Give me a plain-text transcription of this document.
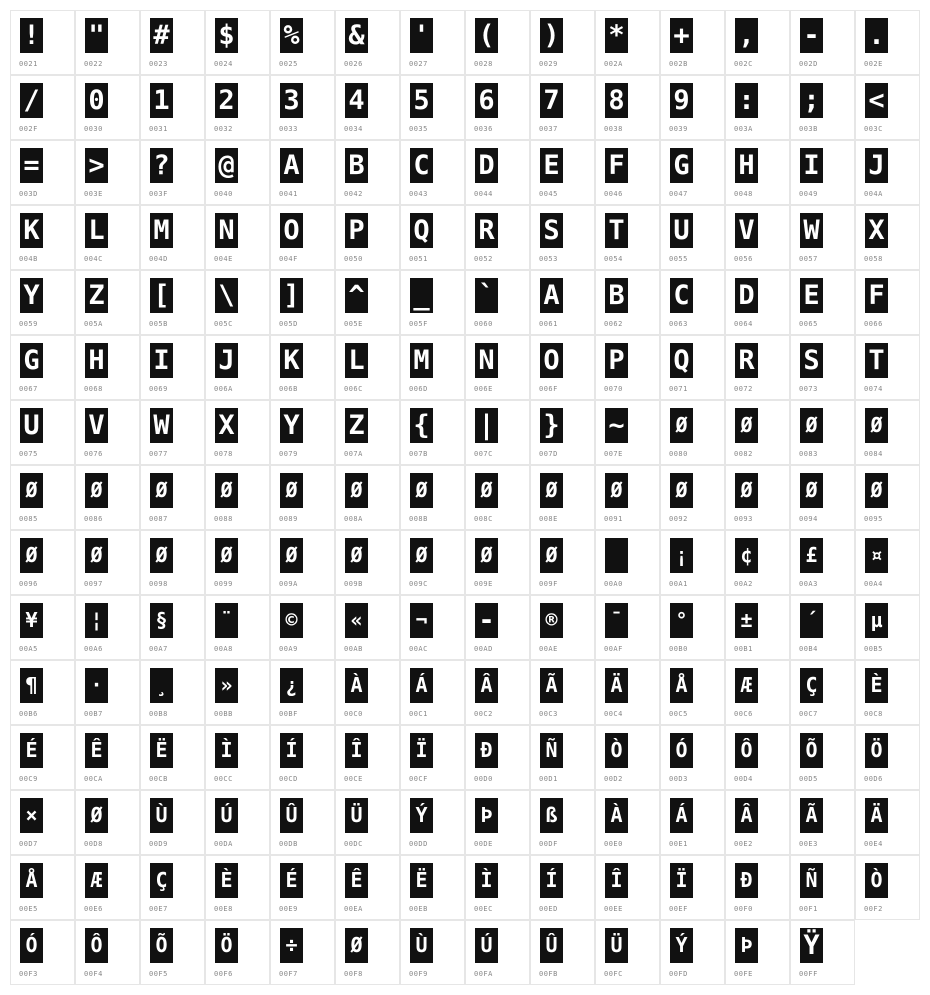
!
0021
"
0022
#
0023
$
0024
%
0025
&
0026
'
0027
(
0028
)
0029
*
002A
+
002B
,
002C
-
002D
.
002E
/
002F
0
0030
1
0031
2
0032
3
0033
4
0034
5
0035
6
0036
7
0037
8
0038
9
0039
:
003A
;
003B
<
003C
=
003D
>
003E
?
003F
@
0040
A
0041
B
0042
C
0043
D
0044
E
0045
F
0046
G
0047
H
0048
I
0049
J
004A
K
004B
L
004C
M
004D
N
004E
O
004F
P
0050
Q
0051
R
0052
S
0053
T
0054
U
0055
V
0056
W
0057
X
0058
Y
0059
Z
005A
[
005B
\
005C
]
005D
^
005E
_
005F
`
0060
A
0061
B
0062
C
0063
D
0064
E
0065
F
0066
G
0067
H
0068
I
0069
J
006A
K
006B
L
006C
M
006D
N
006E
O
006F
P
0070
Q
0071
R
0072
S
0073
T
0074
U
0075
V
0076
W
0077
X
0078
Y
0079
Z
007A
{
007B
|
007C
}
007D
~
007E
Ø
0080
Ø
0082
Ø
0083
Ø
0084
Ø
0085
Ø
0086
Ø
0087
Ø
0088
Ø
0089
Ø
008A
Ø
008B
Ø
008C
Ø
008E
Ø
0091
Ø
0092
Ø
0093
Ø
0094
Ø
0095
Ø
0096
Ø
0097
Ø
0098
Ø
0099
Ø
009A
Ø
009B
Ø
009C
Ø
009E
Ø
009F	00A0
¡
00A1
¢
00A2
£
00A3
¤
00A4
¥
00A5
¦
00A6
§
00A7
¨
00A8
©
00A9
«
00AB
¬
00AC
-
00AD
®
00AE
¯
00AF
°
00B0
±
00B1
´
00B4
µ
00B5
¶
00B6
·
00B7
¸
00B8
»
00BB
¿
00BF
À
00C0
Á
00C1
Â
00C2
Ã
00C3
Ä
00C4
Å
00C5
Æ
00C6
Ç
00C7
È
00C8
É
00C9
Ê
00CA
Ë
00CB
Ì
00CC
Í
00CD
Î
00CE
Ï
00CF
Ð
00D0
Ñ
00D1
Ò
00D2
Ó
00D3
Ô
00D4
Õ
00D5
Ö
00D6
×
00D7
Ø
00D8
Ù
00D9
Ú
00DA
Û
00DB
Ü
00DC
Ý
00DD
Þ
00DE
ß
00DF
À
00E0
Á
00E1
Â
00E2
Ã
00E3
Ä
00E4
Å
00E5
Æ
00E6
Ç
00E7
È
00E8
É
00E9
Ê
00EA
Ë
00EB
Ì
00EC
Í
00ED
Î
00EE
Ï
00EF
Ð
00F0
Ñ
00F1
Ò
00F2
Ó
00F3
Ô
00F4
Õ
00F5
Ö
00F6
÷
00F7
Ø
00F8
Ù
00F9
Ú
00FA
Û
00FB
Ü
00FC
Ý
00FD
Þ
00FE
Ÿ
00FF
